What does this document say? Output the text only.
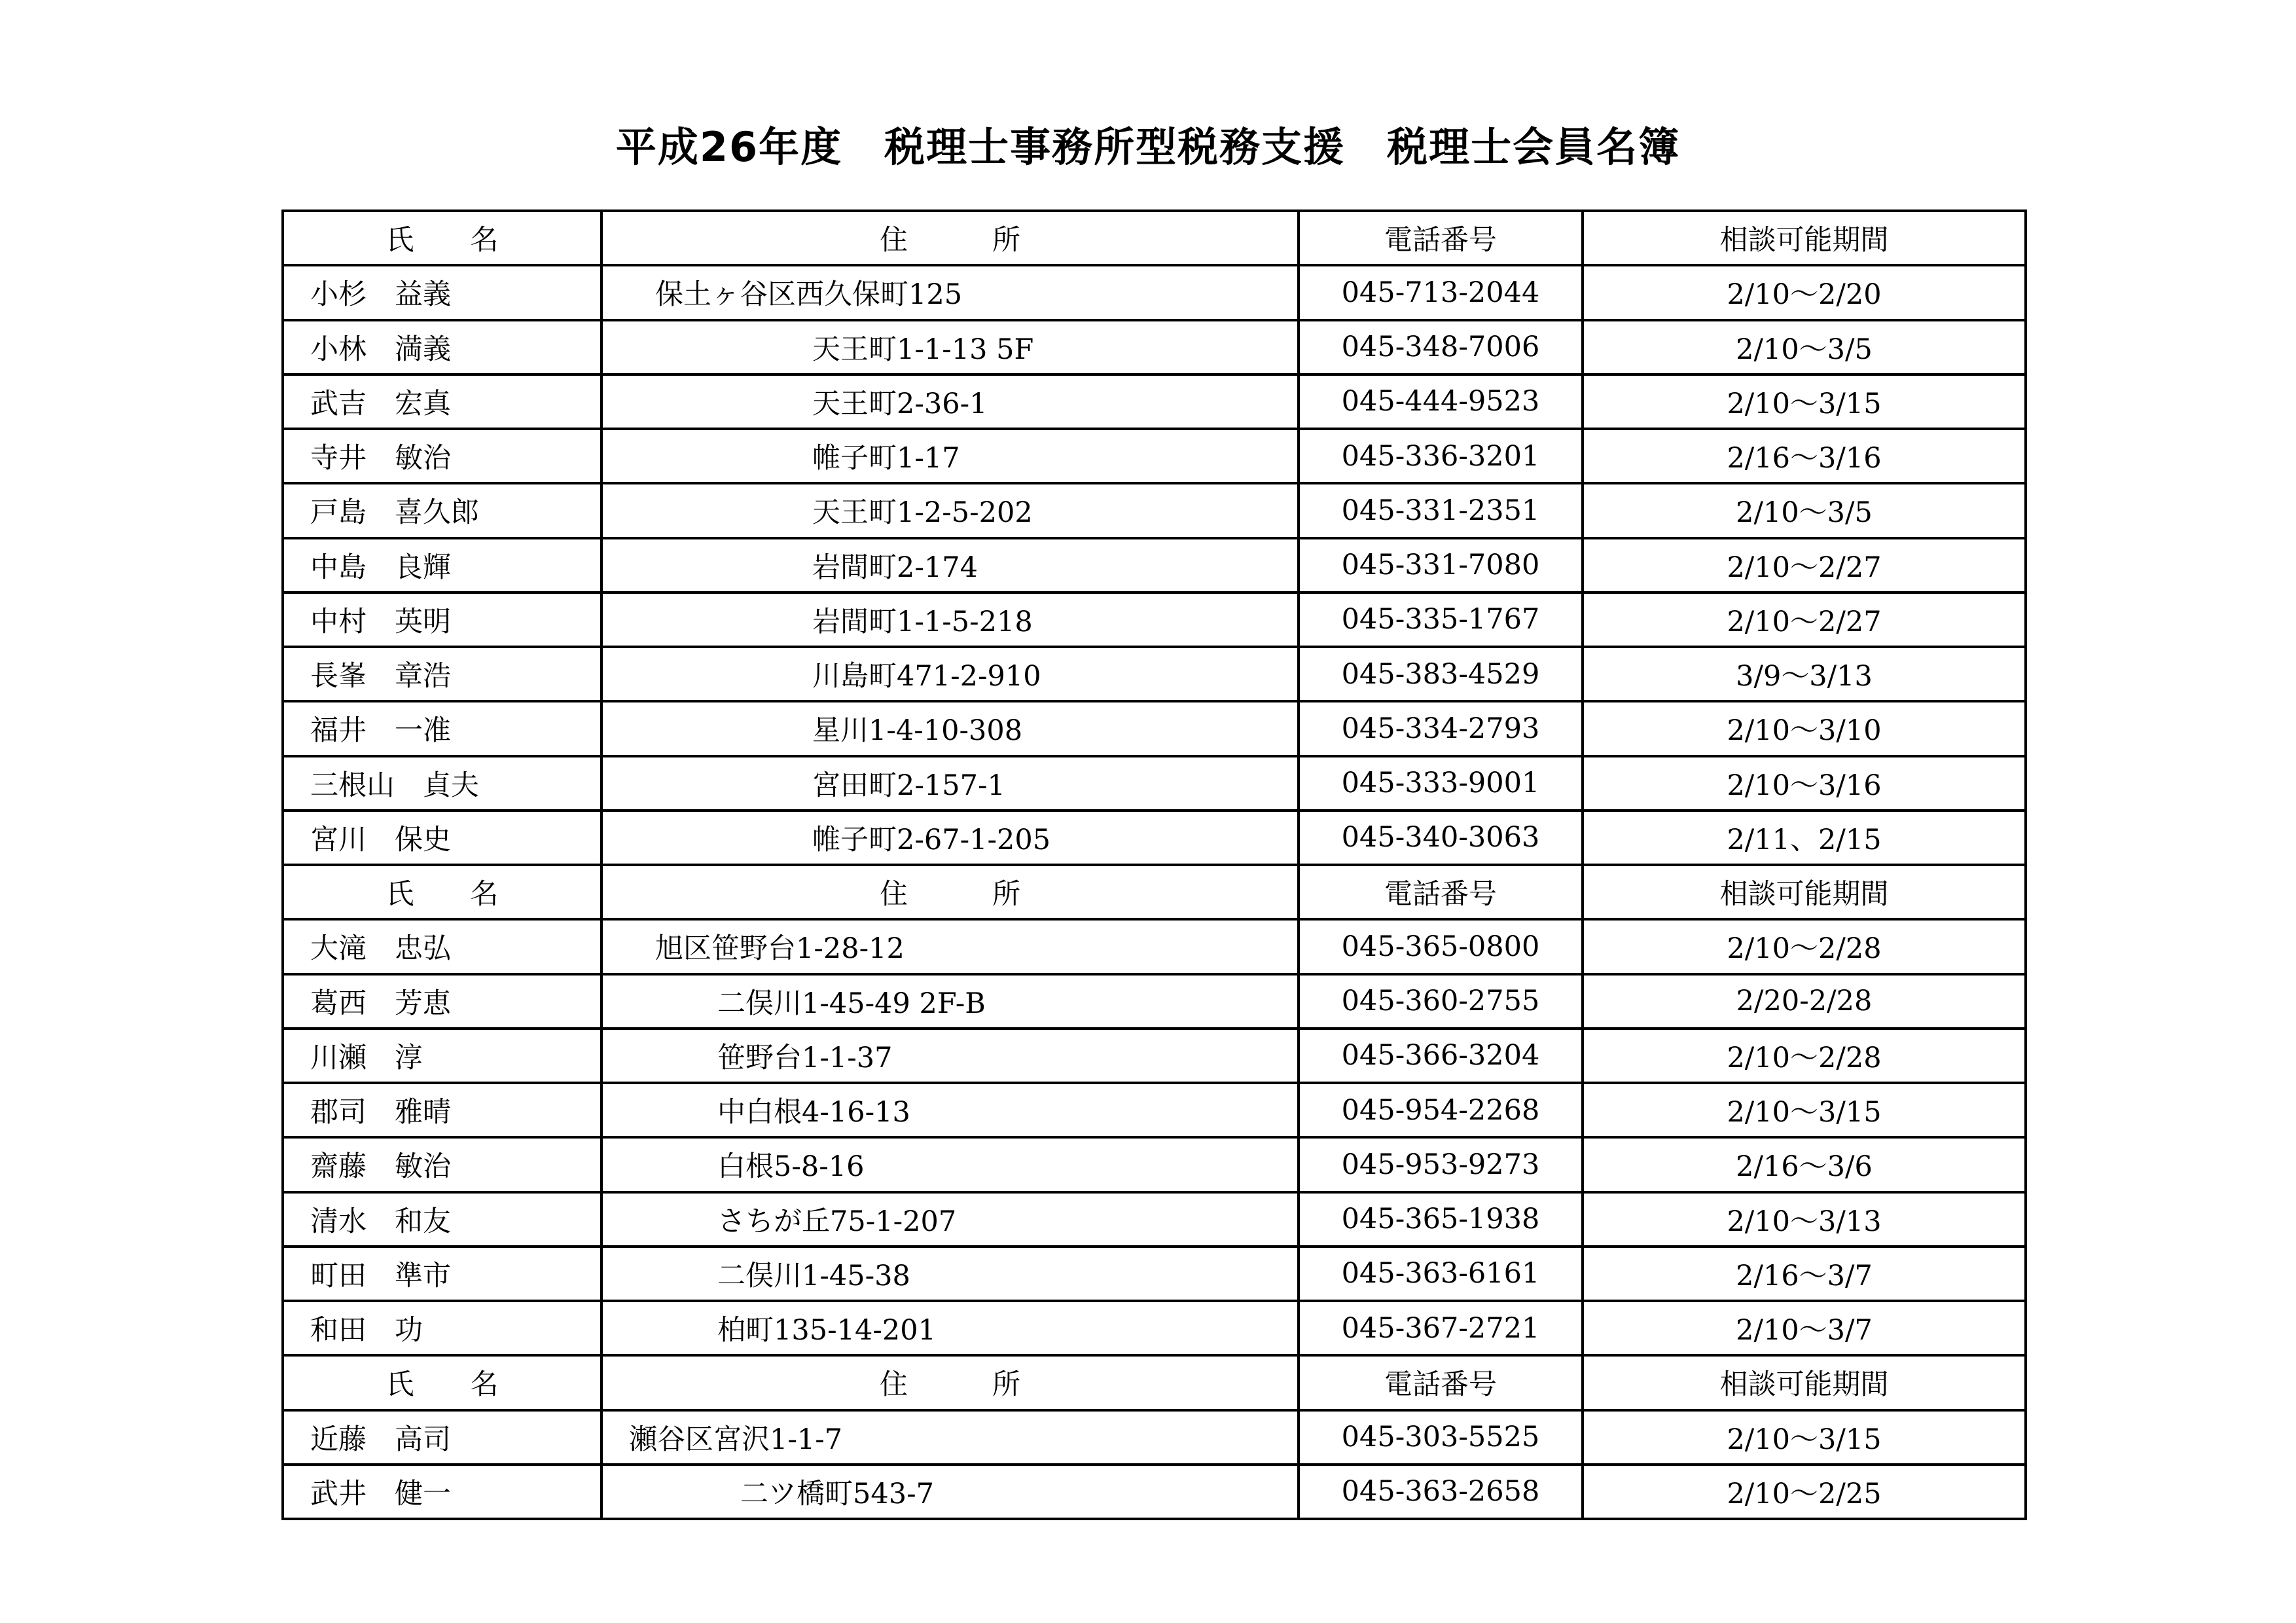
平成26年度　税理士事務所型税務支援　税理士会員名簿
氏　　名	住　　　所	電話番号	相談可能期間
小杉　益義	保土ヶ谷区西久保町125	045-713-2044	2/10～2/20
小林　満義	天王町1-1-13 5F	045-348-7006	2/10～3/5
武吉　宏真	天王町2-36-1	045-444-9523	2/10～3/15
寺井　敏治	帷子町1-17	045-336-3201	2/16～3/16
戸島　喜久郎	天王町1-2-5-202	045-331-2351	2/10～3/5
中島　良輝	岩間町2-174	045-331-7080	2/10～2/27
中村　英明	岩間町1-1-5-218	045-335-1767	2/10～2/27
長峯　章浩	川島町471-2-910	045-383-4529	3/9～3/13
福井　一准	星川1-4-10-308	045-334-2793	2/10～3/10
三根山　貞夫	宮田町2-157-1	045-333-9001	2/10～3/16
宮川　保史	帷子町2-67-1-205	045-340-3063	2/11、2/15
氏　　名	住　　　所	電話番号	相談可能期間
大滝　忠弘	旭区笹野台1-28-12	045-365-0800	2/10～2/28
葛西　芳恵	二俣川1-45-49 2F-B	045-360-2755	2/20-2/28
川瀬　淳	笹野台1-1-37	045-366-3204	2/10～2/28
郡司　雅晴	中白根4-16-13	045-954-2268	2/10～3/15
齋藤　敏治	白根5-8-16	045-953-9273	2/16～3/6
清水　和友	さちが丘75-1-207	045-365-1938	2/10～3/13
町田　準市	二俣川1-45-38	045-363-6161	2/16～3/7
和田　功	柏町135-14-201	045-367-2721	2/10～3/7
氏　　名	住　　　所	電話番号	相談可能期間
近藤　高司	瀬谷区宮沢1-1-7	045-303-5525	2/10～3/15
武井　健一	二ツ橋町543-7	045-363-2658	2/10～2/25
